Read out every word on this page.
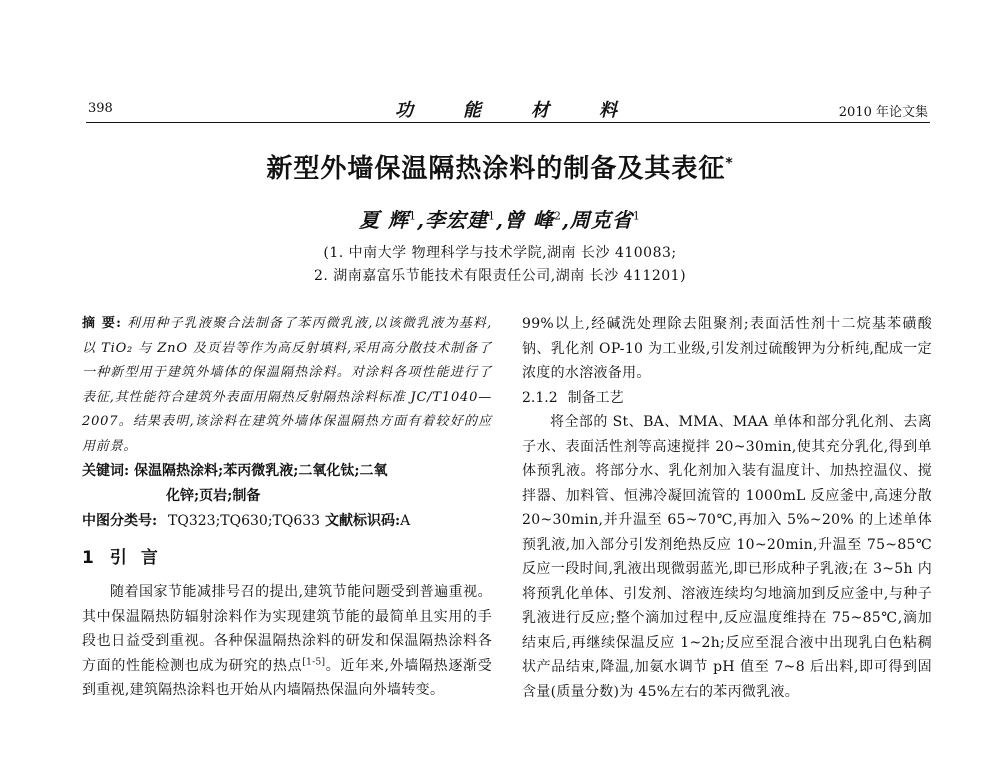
398	功能材料	2010 年论文集
新型外墙保温隔热涂料的制备及其表征*
夏 辉$^1$,李宏建$^1$,曾 峰$^2$,周克省$^1$
(1. 中南大学 物理科学与技术学院,湖南 长沙 410083;
2. 湖南嘉富乐节能技术有限责任公司,湖南 长沙 411201)
摘 要: 利用种子乳液聚合法制备了苯丙微乳液,以该微乳液为基料,以 TiO₂ 与 ZnO 及页岩等作为高反射填料,采用高分散技术制备了一种新型用于建筑外墙体的保温隔热涂料。对涂料各项性能进行了表征,其性能符合建筑外表面用隔热反射隔热涂料标准 JC/T1040—2007。结果表明,该涂料在建筑外墙体保温隔热方面有着较好的应用前景。
关键词: 保温隔热涂料;苯丙微乳液;二氧化钛;二氧
化锌;页岩;制备
中图分类号: TQ323;TQ630;TQ633 文献标识码:A
1 引言
随着国家节能减排号召的提出,建筑节能问题受到普遍重视。其中保温隔热防辐射涂料作为实现建筑节能的最简单且实用的手段也日益受到重视。各种保温隔热涂料的研发和保温隔热涂料各方面的性能检测也成为研究的热点[1-5]。近年来,外墙隔热逐渐受到重视,建筑隔热涂料也开始从内墙隔热保温向外墙转变。
99%以上,经碱洗处理除去阻聚剂;表面活性剂十二烷基苯磺酸钠、乳化剂 OP-10 为工业级,引发剂过硫酸钾为分析纯,配成一定浓度的水溶液备用。
2.1.2 制备工艺
将全部的 St、BA、MMA、MAA 单体和部分乳化剂、去离子水、表面活性剂等高速搅拌 20~30min,使其充分乳化,得到单体预乳液。将部分水、乳化剂加入装有温度计、加热控温仪、搅拌器、加料管、恒沸冷凝回流管的 1000mL 反应釜中,高速分散 20~30min,并升温至 65~70℃,再加入 5%~20% 的上述单体预乳液,加入部分引发剂绝热反应 10~20min,升温至 75~85℃反应一段时间,乳液出现微弱蓝光,即已形成种子乳液;在 3~5h 内将预乳化单体、引发剂、溶液连续均匀地滴加到反应釜中,与种子乳液进行反应;整个滴加过程中,反应温度维持在 75~85℃,滴加结束后,再继续保温反应 1~2h;反应至混合液中出现乳白色粘稠状产品结束,降温,加氨水调节 pH 值至 7~8 后出料,即可得到固含量(质量分数)为 45%左右的苯丙微乳液。
